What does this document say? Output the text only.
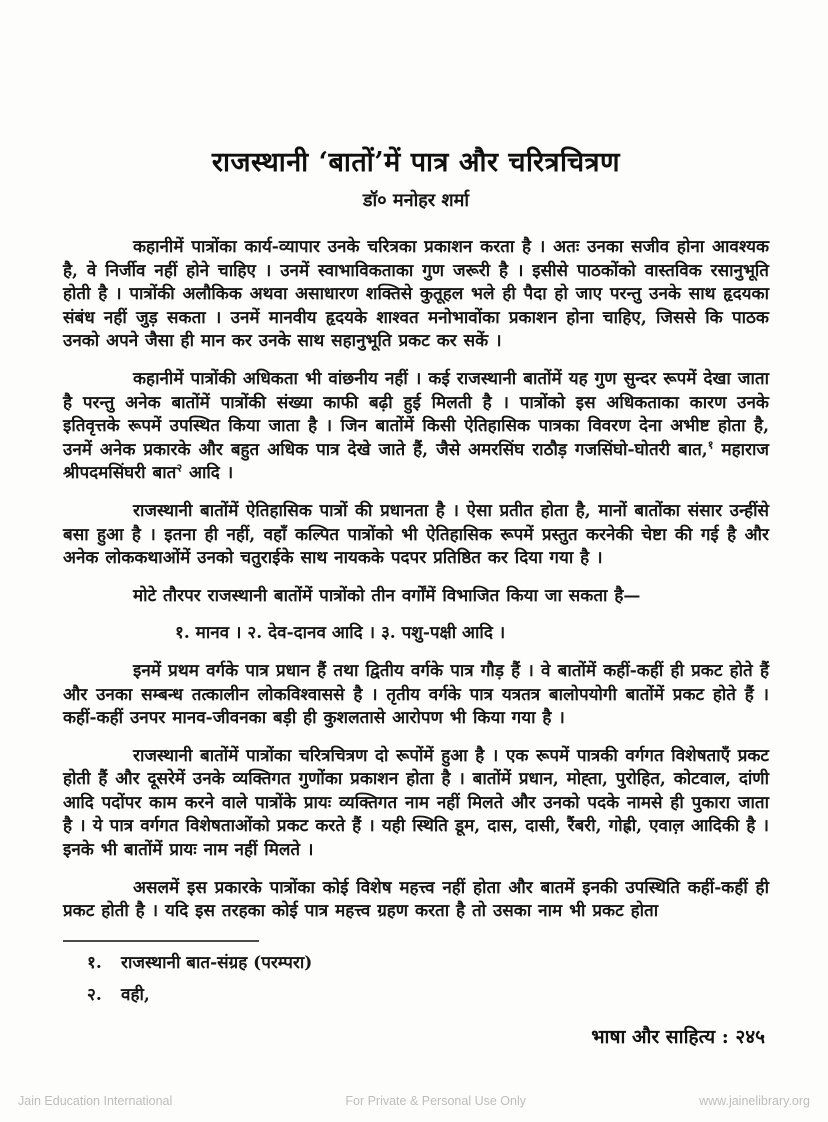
राजस्थानी ‘बातों’में पात्र और चरित्रचित्रण
डॉ० मनोहर शर्मा

कहानीमें पात्रोंका कार्य-व्यापार उनके चरित्रका प्रकाशन करता है । अतः उनका सजीव होना आवश्यक है, वे निर्जीव नहीं होने चाहिए । उनमें स्वाभाविकताका गुण जरूरी है । इसीसे पाठकोंको वास्तविक रसानुभूति होती है । पात्रोंकी अलौकिक अथवा असाधारण शक्तिसे कुतूहल भले ही पैदा हो जाए परन्तु उनके साथ हृदयका संबंध नहीं जुड़ सकता । उनमें मानवीय हृदयके शाश्वत मनोभावोंका प्रकाशन होना चाहिए, जिससे कि पाठक उनको अपने जैसा ही मान कर उनके साथ सहानुभूति प्रकट कर सकें ।

कहानीमें पात्रोंकी अधिकता भी वांछनीय नहीं । कई राजस्थानी बातोंमें यह गुण सुन्दर रूपमें देखा जाता है परन्तु अनेक बातोंमें पात्रोंकी संख्या काफी बढ़ी हुई मिलती है । पात्रोंको इस अधिकताका कारण उनके इतिवृत्तके रूपमें उपस्थित किया जाता है । जिन बातोंमें किसी ऐतिहासिक पात्रका विवरण देना अभीष्ट होता है, उनमें अनेक प्रकारके और बहुत अधिक पात्र देखे जाते हैं, जैसे अमरसिंघ राठौड़ गजसिंघो-घोतरी बात,$^१$ महाराज श्रीपदमसिंघरी बात$^२$ आदि ।

राजस्थानी बातोंमें ऐतिहासिक पात्रों की प्रधानता है । ऐसा प्रतीत होता है, मानों बातोंका संसार उन्हींसे बसा हुआ है । इतना ही नहीं, वहाँ कल्पित पात्रोंको भी ऐतिहासिक रूपमें प्रस्तुत करनेकी चेष्टा की गई है और अनेक लोककथाओंमें उनको चतुराईके साथ नायकके पदपर प्रतिष्ठित कर दिया गया है ।

मोटे तौरपर राजस्थानी बातोंमें पात्रोंको तीन वर्गोंमें विभाजित किया जा सकता है—

१. मानव । २. देव-दानव आदि । ३. पशु-पक्षी आदि ।

इनमें प्रथम वर्गके पात्र प्रधान हैं तथा द्वितीय वर्गके पात्र गौड़ हैं । वे बातोंमें कहीं-कहीं ही प्रकट होते हैं और उनका सम्बन्ध तत्कालीन लोकविश्वाससे है । तृतीय वर्गके पात्र यत्रतत्र बालोपयोगी बातोंमें प्रकट होते हैं । कहीं-कहीं उनपर मानव-जीवनका बड़ी ही कुशलतासे आरोपण भी किया गया है ।

राजस्थानी बातोंमें पात्रोंका चरित्रचित्रण दो रूपोंमें हुआ है । एक रूपमें पात्रकी वर्गगत विशेषताएँ प्रकट होती हैं और दूसरेमें उनके व्यक्तिगत गुणोंका प्रकाशन होता है । बातोंमें प्रधान, मोह्ता, पुरोहित, कोटवाल, दांणी आदि पदोंपर काम करने वाले पात्रोंके प्रायः व्यक्तिगत नाम नहीं मिलते और उनको पदके नामसे ही पुकारा जाता है । ये पात्र वर्गगत विशेषताओंको प्रकट करते हैं । यही स्थिति डूम, दास, दासी, रैंबरी, गोह्री, एवाल़ आदिकी है । इनके भी बातोंमें प्रायः नाम नहीं मिलते ।

असलमें इस प्रकारके पात्रोंका कोई विशेष महत्त्व नहीं होता और बातमें इनकी उपस्थिति कहीं-कहीं ही प्रकट होती है । यदि इस तरहका कोई पात्र महत्त्व ग्रहण करता है तो उसका नाम भी प्रकट होता

१.	राजस्थानी बात-संग्रह (परम्परा)
२.	वही,
भाषा और साहित्य : २४५
Jain Education International	For Private & Personal Use Only	www.jainelibrary.org
